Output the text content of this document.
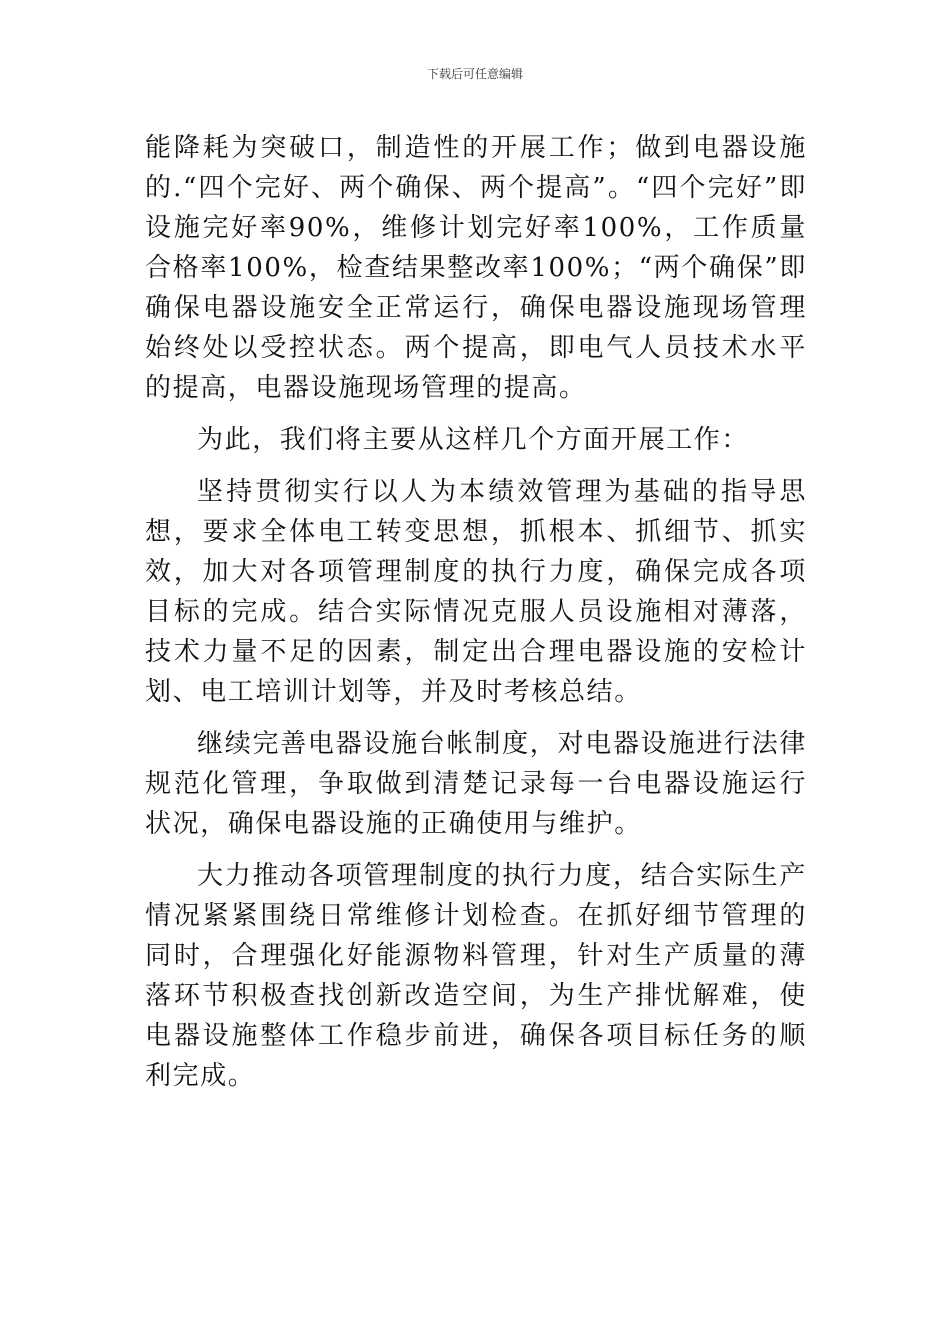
下载后可任意编辑

能降耗为突破口，制造性的开展工作；做到电器设施的.“四个完好、两个确保、两个提高”。“四个完好”即设施完好率90%，维修计划完好率100%，工作质量合格率100%，检查结果整改率100%；“两个确保”即确保电器设施安全正常运行，确保电器设施现场管理始终处以受控状态。两个提高，即电气人员技术水平的提高，电器设施现场管理的提高。

为此，我们将主要从这样几个方面开展工作：

坚持贯彻实行以人为本绩效管理为基础的指导思想，要求全体电工转变思想，抓根本、抓细节、抓实效，加大对各项管理制度的执行力度，确保完成各项目标的完成。结合实际情况克服人员设施相对薄落，技术力量不足的因素，制定出合理电器设施的安检计划、电工培训计划等，并及时考核总结。

继续完善电器设施台帐制度，对电器设施进行法律规范化管理，争取做到清楚记录每一台电器设施运行状况，确保电器设施的正确使用与维护。

大力推动各项管理制度的执行力度，结合实际生产情况紧紧围绕日常维修计划检查。在抓好细节管理的同时，合理强化好能源物料管理，针对生产质量的薄落环节积极查找创新改造空间，为生产排忧解难，使电器设施整体工作稳步前进，确保各项目标任务的顺利完成。
